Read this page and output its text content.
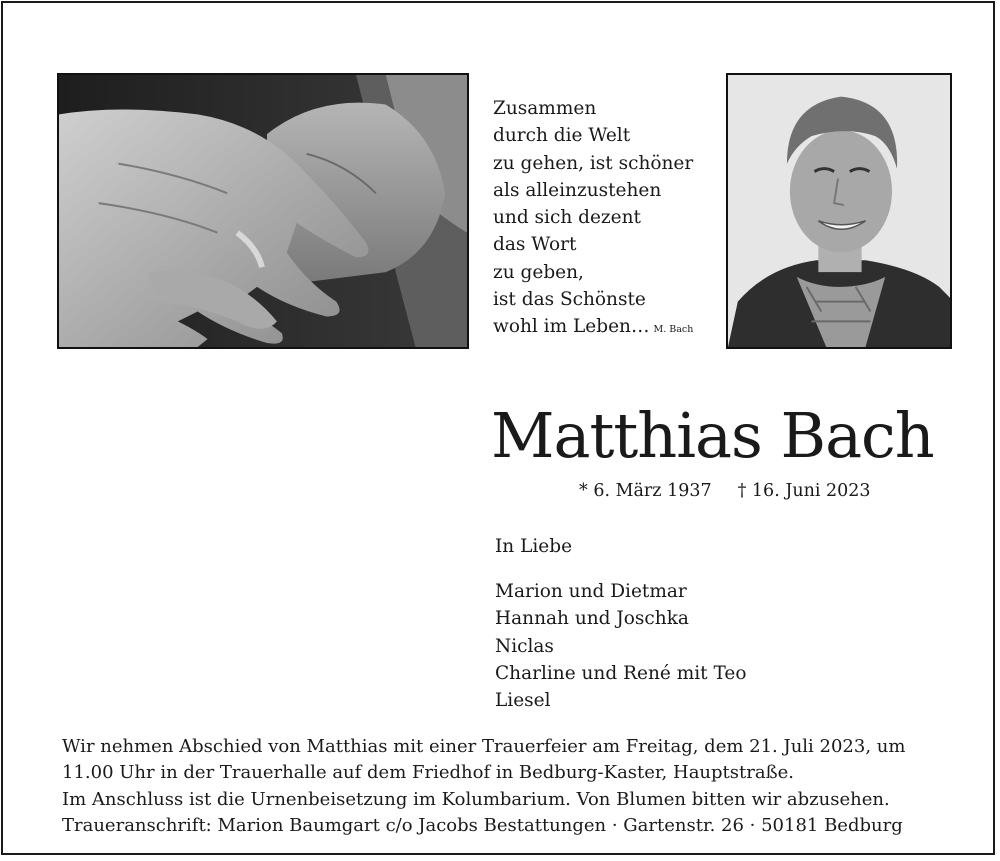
Zusammen
durch die Welt
zu gehen, ist schöner
als alleinzustehen
und sich dezent
das Wort
zu geben,
ist das Schönste
wohl im Leben… M. Bach
Matthias Bach
* 6. März 1937 † 16. Juni 2023
In Liebe
Marion und Dietmar
Hannah und Joschka
Niclas
Charline und René mit Teo
Liesel
Wir nehmen Abschied von Matthias mit einer Trauerfeier am Freitag, dem 21. Juli 2023, um
11.00 Uhr in der Trauerhalle auf dem Friedhof in Bedburg-Kaster, Hauptstraße.
Im Anschluss ist die Urnenbeisetzung im Kolumbarium. Von Blumen bitten wir abzusehen.
Traueranschrift: Marion Baumgart c/o Jacobs Bestattungen · Gartenstr. 26 · 50181 Bedburg
